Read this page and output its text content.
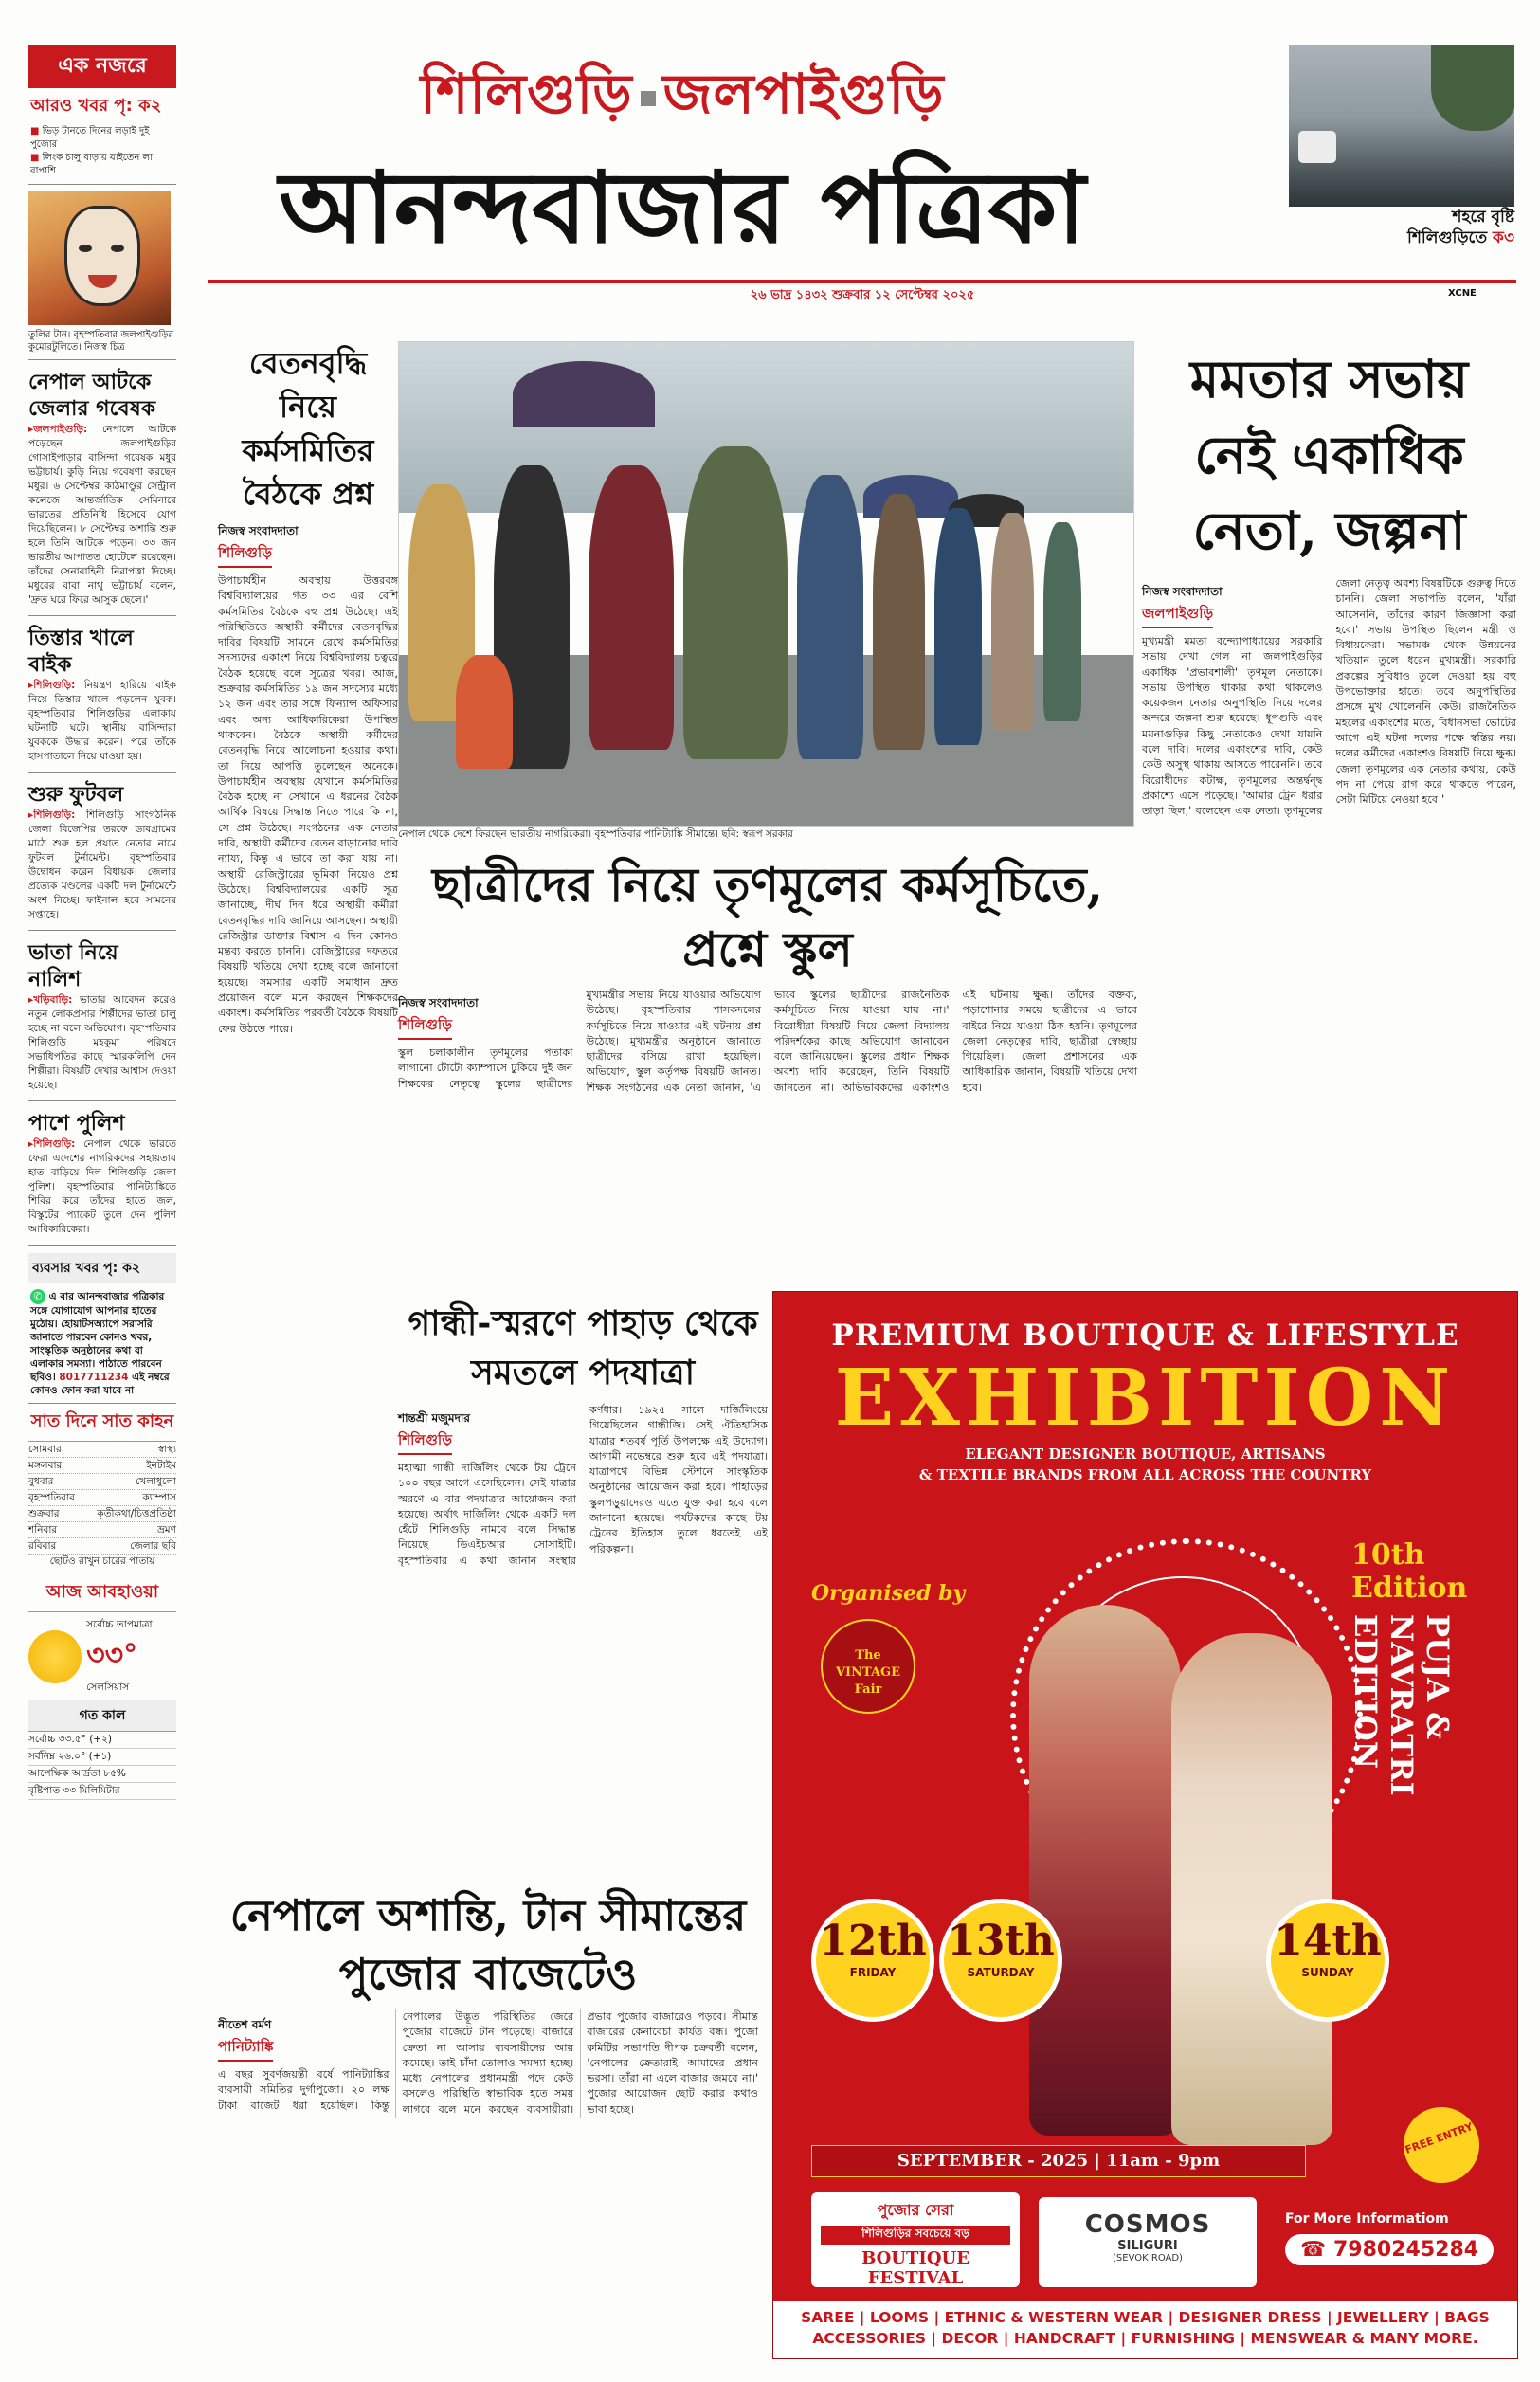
এক নজরে
আরও খবর পৃ: ক২
■ ভিড় টানতে দিনের লড়াই দুই পুজোর
■ লিংক চালু বাড়ায় যাইতেন লা বাপাশি
তুলির টান। বৃহস্পতিবার জলপাইগুড়ির কুমোরটুলিতে। নিজস্ব চিত্র
নেপাল আটকে জেলার গবেষক
▸ জলপাইগুড়ি: নেপালে আটকে পড়েছেন জলপাইগুড়ির গোসাইপাড়ার বাসিন্দা গবেষক মধুর ভট্টাচার্য। কুড়ি নিয়ে গবেষণা করছেন মধুর। ৬ সেপ্টেম্বর কাঠমাণ্ডুর সেন্ট্রাল কলেজে আন্তর্জাতিক সেমিনারে ভারতের প্রতিনিধি হিসেবে যোগ দিয়েছিলেন। ৮ সেপ্টেম্বর অশান্তি শুরু হলে তিনি আটকে পড়েন। ৩৩ জন ভারতীয় আপাতত হোটেলে রয়েছেন। তাঁদের সেনাবাহিনী নিরাপত্তা দিচ্ছে। মধুরের বাবা নাথু ভট্টাচার্য বলেন, 'দ্রুত ঘরে ফিরে আসুক ছেলে।'
তিস্তার খালে বাইক
▸ শিলিগুড়ি: নিয়ন্ত্রণ হারিয়ে বাইক নিয়ে তিস্তার খালে পড়লেন যুবক। বৃহস্পতিবার শিলিগুড়ির এলাকায় ঘটনাটি ঘটে। স্থানীয় বাসিন্দারা যুবককে উদ্ধার করেন। পরে তাঁকে হাসপাতালে নিয়ে যাওয়া হয়।
শুরু ফুটবল
▸ শিলিগুড়ি: শিলিগুড়ি সাংগঠনিক জেলা বিজেপির তরফে ডাবগ্রামের মাঠে শুরু হল প্রয়াত নেতার নামে ফুটবল টুর্নামেন্ট। বৃহস্পতিবার উদ্বোধন করেন বিধায়ক। জেলার প্রত্যেক মণ্ডলের একটি দল টুর্নামেন্টে অংশ নিচ্ছে। ফাইনাল হবে সামনের সপ্তাহে।
ভাতা নিয়ে নালিশ
▸ খড়িবাড়ি: ভাতার আবেদন করেও নতুন লোকপ্রসার শিল্পীদের ভাতা চালু হচ্ছে না বলে অভিযোগ। বৃহস্পতিবার শিলিগুড়ি মহকুমা পরিষদে সভাধিপতির কাছে স্মারকলিপি দেন শিল্পীরা। বিষয়টি দেখার আশ্বাস দেওয়া হয়েছে।
পাশে পুলিশ
▸ শিলিগুড়ি: নেপাল থেকে ভারতে ফেরা এদেশের নাগরিকদের সহায়তায় হাত বাড়িয়ে দিল শিলিগুড়ি জেলা পুলিশ। বৃহস্পতিবার পানিট্যাঙ্কিতে শিবির করে তাঁদের হাতে জল, বিস্কুটের প্যাকেট তুলে দেন পুলিশ আধিকারিকেরা।
ব্যবসার খবর পৃ: ক২
✆ এ বার আনন্দবাজার পত্রিকার সঙ্গে যোগাযোগ আপনার হাতের মুঠোয়। হোয়াটসঅ্যাপে সরাসরি জানাতে পারবেন কোনও খবর, সাংস্কৃতিক অনুষ্ঠানের কথা বা এলাকার সমস্যা। পাঠাতে পারবেন ছবিও। 8017711234 এই নম্বরে কোনও ফোন করা যাবে না
সাত দিনে সাত কাহন
সোমবার	স্বাস্থ্য
মঙ্গলবার	ইনটাইম
বুধবার	খেলাধুলো
বৃহস্পতিবার	ক্যাম্পাস
শুক্রবার	কৃতীকথা/চিত্তপ্রতিষ্ঠা
শনিবার	ভ্রমণ
রবিবার	জেলার ছবি
ছোটও রাখুন চারের পাতায়
আজ আবহাওয়া

সর্বোচ্চ তাপমাত্রা
৩৩°
সেলসিয়াস
গত কাল
সর্বোচ্চ ৩৩.৫° (+২)
সর্বনিম্ন ২৬.০° (+১)
আপেক্ষিক আর্দ্রতা ৮৫%
বৃষ্টিপাত ৩৩ মিলিমিটার
শিলিগুড়ি জলপাইগুড়ি
আনন্দবাজার পত্রিকা
২৬ ভাদ্র ১৪৩২ শুক্রবার ১২ সেপ্টেম্বর ২০২৫	XCNE
শহরে বৃষ্টি
শিলিগুড়িতে ক৩
বেতনবৃদ্ধি নিয়ে কর্মসমিতির বৈঠকে প্রশ্ন
নিজস্ব সংবাদদাতা
শিলিগুড়ি
উপাচার্যহীন অবস্থায় উত্তরবঙ্গ বিশ্ববিদ্যালয়ের গত ৩৩ এর বেশি কর্মসমিতির বৈঠকে বহু প্রশ্ন উঠেছে। এই পরিস্থিতিতে অস্থায়ী কর্মীদের বেতনবৃদ্ধির দাবির বিষয়টি সামনে রেখে কর্মসমিতির সদস্যদের একাংশ নিয়ে বিশ্ববিদ্যালয় চত্বরে বৈঠক হয়েছে বলে সূত্রের খবর। আজ, শুক্রবার কর্মসমিতির ১৯ জন সদস্যের মধ্যে ১২ জন এবং তার সঙ্গে ফিন্যান্স অফিসার এবং অন্য আধিকারিকেরা উপস্থিত থাকবেন। বৈঠকে অস্থায়ী কর্মীদের বেতনবৃদ্ধি নিয়ে আলোচনা হওয়ার কথা। তা নিয়ে আপত্তি তুলেছেন অনেকে। উপাচার্যহীন অবস্থায় যেখানে কর্মসমিতির বৈঠক হচ্ছে না সেখানে এ ধরনের বৈঠক আর্থিক বিষয়ে সিদ্ধান্ত নিতে পারে কি না, সে প্রশ্ন উঠেছে। সংগঠনের এক নেতার দাবি, অস্থায়ী কর্মীদের বেতন বাড়ানোর দাবি ন্যায্য, কিন্তু এ ভাবে তা করা যায় না। অস্থায়ী রেজিস্ট্রারের ভূমিকা নিয়েও প্রশ্ন উঠেছে। বিশ্ববিদ্যালয়ের একটি সূত্র জানাচ্ছে, দীর্ঘ দিন ধরে অস্থায়ী কর্মীরা বেতনবৃদ্ধির দাবি জানিয়ে আসছেন। অস্থায়ী রেজিস্ট্রার ডাক্তার বিশ্বাস এ দিন কোনও মন্তব্য করতে চাননি। রেজিস্ট্রারের দফতরে বিষয়টি খতিয়ে দেখা হচ্ছে বলে জানানো হয়েছে। সমস্যার একটি সমাধান দ্রুত প্রয়োজন বলে মনে করছেন শিক্ষকদের একাংশ। কর্মসমিতির পরবর্তী বৈঠকে বিষয়টি ফের উঠতে পারে।
নেপাল থেকে দেশে ফিরছেন ভারতীয় নাগরিকেরা। বৃহস্পতিবার পানিট্যাঙ্কি সীমান্তে। ছবি: স্বরূপ সরকার
মমতার সভায় নেই একাধিক নেতা, জল্পনা
নিজস্ব সংবাদদাতা
জলপাইগুড়ি
মুখ্যমন্ত্রী মমতা বন্দ্যোপাধ্যায়ের সরকারি সভায় দেখা গেল না জলপাইগুড়ির একাধিক 'প্রভাবশালী' তৃণমূল নেতাকে। সভায় উপস্থিত থাকার কথা থাকলেও কয়েকজন নেতার অনুপস্থিতি নিয়ে দলের অন্দরে জল্পনা শুরু হয়েছে। ধূপগুড়ি এবং ময়নাগুড়ির কিছু নেতাকেও দেখা যায়নি বলে দাবি। দলের একাংশের দাবি, কেউ কেউ অসুস্থ থাকায় আসতে পারেননি। তবে বিরোধীদের কটাক্ষ, তৃণমূলের অন্তর্দ্বন্দ্ব প্রকাশ্যে এসে পড়েছে। 'আমার ট্রেন ধরার তাড়া ছিল,' বলেছেন এক নেতা। তৃণমূলের জেলা নেতৃত্ব অবশ্য বিষয়টিকে গুরুত্ব দিতে চাননি। জেলা সভাপতি বলেন, 'যাঁরা আসেননি, তাঁদের কারণ জিজ্ঞাসা করা হবে।' সভায় উপস্থিত ছিলেন মন্ত্রী ও বিধায়কেরা। সভামঞ্চ থেকে উন্নয়নের খতিয়ান তুলে ধরেন মুখ্যমন্ত্রী। সরকারি প্রকল্পের সুবিধাও তুলে দেওয়া হয় বহু উপভোক্তার হাতে। তবে অনুপস্থিতির প্রসঙ্গে মুখ খোলেননি কেউ। রাজনৈতিক মহলের একাংশের মতে, বিধানসভা ভোটের আগে এই ঘটনা দলের পক্ষে স্বস্তির নয়। দলের কর্মীদের একাংশও বিষয়টি নিয়ে ক্ষুব্ধ। জেলা তৃণমূলের এক নেতার কথায়, 'কেউ পদ না পেয়ে রাগ করে থাকতে পারেন, সেটা মিটিয়ে নেওয়া হবে।'
ছাত্রীদের নিয়ে তৃণমূলের কর্মসূচিতে, প্রশ্নে স্কুল
নিজস্ব সংবাদদাতা
শিলিগুড়ি
স্কুল চলাকালীন তৃণমূলের পতাকা লাগানো টোটো ক্যাম্পাসে ঢুকিয়ে দুই জন শিক্ষকের নেতৃত্বে স্কুলের ছাত্রীদের মুখ্যমন্ত্রীর সভায় নিয়ে যাওয়ার অভিযোগ উঠেছে। বৃহস্পতিবার শাসকদলের কর্মসূচিতে নিয়ে যাওয়ার এই ঘটনায় প্রশ্ন উঠেছে। মুখ্যমন্ত্রীর অনুষ্ঠানে জানাতে ছাত্রীদের বসিয়ে রাখা হয়েছিল। অভিযোগ, স্কুল কর্তৃপক্ষ বিষয়টি জানত। শিক্ষক সংগঠনের এক নেতা জানান, 'এ ভাবে স্কুলের ছাত্রীদের রাজনৈতিক কর্মসূচিতে নিয়ে যাওয়া যায় না।' বিরোধীরা বিষয়টি নিয়ে জেলা বিদ্যালয় পরিদর্শকের কাছে অভিযোগ জানাবেন বলে জানিয়েছেন। স্কুলের প্রধান শিক্ষক অবশ্য দাবি করেছেন, তিনি বিষয়টি জানতেন না। অভিভাবকদের একাংশও এই ঘটনায় ক্ষুব্ধ। তাঁদের বক্তব্য, পড়াশোনার সময়ে ছাত্রীদের এ ভাবে বাইরে নিয়ে যাওয়া ঠিক হয়নি। তৃণমূলের জেলা নেতৃত্বের দাবি, ছাত্রীরা স্বেচ্ছায় গিয়েছিল। জেলা প্রশাসনের এক আধিকারিক জানান, বিষয়টি খতিয়ে দেখা হবে।
গান্ধী-স্মরণে পাহাড় থেকে সমতলে পদযাত্রা
শান্তশ্রী মজুমদার
শিলিগুড়ি
মহাত্মা গান্ধী দার্জিলিং থেকে টয় ট্রেনে ১০০ বছর আগে এসেছিলেন। সেই যাত্রার স্মরণে এ বার পদযাত্রার আয়োজন করা হয়েছে। অর্থাৎ দার্জিলিং থেকে একটি দল হেঁটে শিলিগুড়ি নামবে বলে সিদ্ধান্ত নিয়েছে ডিএইচআর সোসাইটি। বৃহস্পতিবার এ কথা জানান সংস্থার কর্ণধার। ১৯২৫ সালে দার্জিলিংয়ে গিয়েছিলেন গান্ধীজি। সেই ঐতিহাসিক যাত্রার শতবর্ষ পূর্তি উপলক্ষে এই উদ্যোগ। আগামী নভেম্বরে শুরু হবে এই পদযাত্রা। যাত্রাপথে বিভিন্ন স্টেশনে সাংস্কৃতিক অনুষ্ঠানের আয়োজন করা হবে। পাহাড়ের স্কুলপড়ুয়াদেরও এতে যুক্ত করা হবে বলে জানানো হয়েছে। পর্যটকদের কাছে টয় ট্রেনের ইতিহাস তুলে ধরতেই এই পরিকল্পনা।
নেপালে অশান্তি, টান সীমান্তের পুজোর বাজেটেও
নীতেশ বর্মণ
পানিট্যাঙ্কি
এ বছর সুবর্ণজয়ন্তী বর্ষে পানিট্যাঙ্কির ব্যবসায়ী সমিতির দুর্গাপুজো। ২০ লক্ষ টাকা বাজেট ধরা হয়েছিল। কিন্তু নেপালের উদ্ভূত পরিস্থিতির জেরে পুজোর বাজেটে টান পড়েছে। বাজারে ক্রেতা না আসায় ব্যবসায়ীদের আয় কমেছে। তাই চাঁদা তোলাও সমস্যা হচ্ছে। মধ্যে নেপালের প্রধানমন্ত্রী পদে কেউ বসলেও পরিস্থিতি স্বাভাবিক হতে সময় লাগবে বলে মনে করছেন ব্যবসায়ীরা। প্রভাব পুজোর বাজারেও পড়বে। সীমান্ত বাজারের কেনাবেচা কার্যত বন্ধ। পুজো কমিটির সভাপতি দীপক চক্রবর্তী বলেন, 'নেপালের ক্রেতারাই আমাদের প্রধান ভরসা। তাঁরা না এলে বাজার জমবে না।' পুজোর আয়োজন ছোট করার কথাও ভাবা হচ্ছে।
PREMIUM BOUTIQUE & LIFESTYLE
EXHIBITION
ELEGANT DESIGNER BOUTIQUE, ARTISANS
& TEXTILE BRANDS FROM ALL ACROSS THE COUNTRY
Organised by
The VINTAGE Fair
10th Edition
PUJA & NAVRATRI EDITION
12th
FRIDAY
13th
SATURDAY
14th
SUNDAY
SEPTEMBER - 2025 | 11am - 9pm
FREE ENTRY
পুজোর সেরা
শিলিগুড়ির সবচেয়ে বড়
BOUTIQUE FESTIVAL
COSMOS
SILIGURI
(SEVOK ROAD)
For More Informatiom
☎ 7980245284
SAREE | LOOMS | ETHNIC & WESTERN WEAR | DESIGNER DRESS | JEWELLERY | BAGS
ACCESSORIES | DECOR | HANDCRAFT | FURNISHING | MENSWEAR & MANY MORE.
